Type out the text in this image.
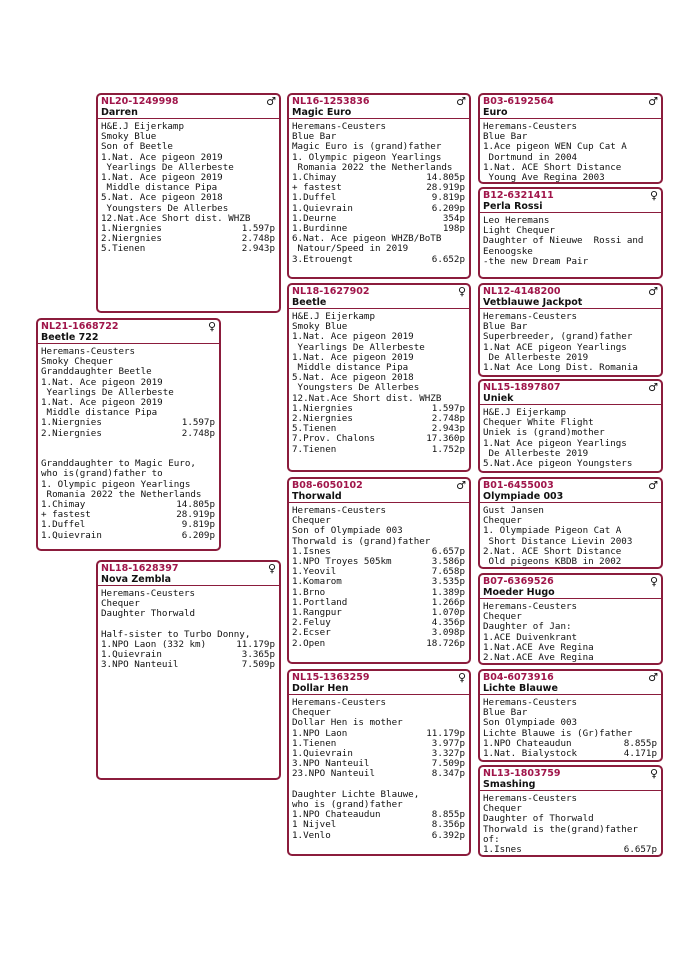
NL20-1249998
Darren
♂
H&E.J Eijerkamp
Smoky Blue
Son of Beetle
1.Nat. Ace pigeon 2019
Yearlings De Allerbeste
1.Nat. Ace pigeon 2019
Middle distance Pipa
5.Nat. Ace pigeon 2018
Youngsters De Allerbes
12.Nat.Ace Short dist. WHZB
1.Niergnies	1.597p
2.Niergnies	2.748p
5.Tienen	2.943p
NL16-1253836
Magic Euro
♂
Heremans-Ceusters
Blue Bar
Magic Euro is (grand)father
1. Olympic pigeon Yearlings
Romania 2022 the Netherlands
1.Chimay	14.805p
+ fastest	28.919p
1.Duffel	9.819p
1.Quievrain	6.209p
1.Deurne	354p
1.Burdinne	198p
6.Nat. Ace pigeon WHZB/BoTB
Natour/Speed in 2019
3.Etrouengt	6.652p
B03-6192564
Euro
♂
Heremans-Ceusters
Blue Bar
1.Ace pigeon WEN Cup Cat A
Dortmund in 2004
1.Nat. ACE Short Distance
Young Ave Regina 2003
B12-6321411
Perla Rossi
♀
Leo Heremans
Light Chequer
Daughter of Nieuwe  Rossi and
Eenoogske
-the new Dream Pair
NL18-1627902
Beetle
♀
H&E.J Eijerkamp
Smoky Blue
1.Nat. Ace pigeon 2019
Yearlings De Allerbeste
1.Nat. Ace pigeon 2019
Middle distance Pipa
5.Nat. Ace pigeon 2018
Youngsters De Allerbes
12.Nat.Ace Short dist. WHZB
1.Niergnies	1.597p
2.Niergnies	2.748p
5.Tienen	2.943p
7.Prov. Chalons	17.360p
7.Tienen	1.752p
NL12-4148200
Vetblauwe Jackpot
♂
Heremans-Ceusters
Blue Bar
Superbreeder, (grand)father
1.Nat ACE pigeon Yearlings
De Allerbeste 2019
1.Nat Ace Long Dist. Romania
NL21-1668722
Beetle 722
♀
Heremans-Ceusters
Smoky Chequer
Granddaughter Beetle
1.Nat. Ace pigeon 2019
Yearlings De Allerbeste
1.Nat. Ace pigeon 2019
Middle distance Pipa
1.Niergnies	1.597p
2.Niergnies	2.748p
Granddaughter to Magic Euro,
who is(grand)father to
1. Olympic pigeon Yearlings
Romania 2022 the Netherlands
1.Chimay	14.805p
+ fastest	28.919p
1.Duffel	9.819p
1.Quievrain	6.209p
NL15-1897807
Uniek
♂
H&E.J Eijerkamp
Chequer White Flight
Uniek is (grand)mother
1.Nat Ace pigeon Yearlings
De Allerbeste 2019
5.Nat.Ace pigeon Youngsters
B08-6050102
Thorwald
♂
Heremans-Ceusters
Chequer
Son of Olympiade 003
Thorwald is (grand)father
1.Isnes	6.657p
1.NPO Troyes 505km	3.586p
1.Yeovil	7.658p
1.Komarom	3.535p
1.Brno	1.389p
1.Portland	1.266p
1.Rangpur	1.070p
2.Feluy	4.356p
2.Ecser	3.098p
2.Open	18.726p
B01-6455003
Olympiade 003
♂
Gust Jansen
Chequer
1. Olympiade Pigeon Cat A
Short Distance Lievin 2003
2.Nat. ACE Short Distance
Old pigeons KBDB in 2002
NL18-1628397
Nova Zembla
♀
Heremans-Ceusters
Chequer
Daughter Thorwald
Half-sister to Turbo Donny,
1.NPO Laon (332 km)	11.179p
1.Quievrain	3.365p
3.NPO Nanteuil	7.509p
B07-6369526
Moeder Hugo
♀
Heremans-Ceusters
Chequer
Daughter of Jan:
1.ACE Duivenkrant
1.Nat.ACE Ave Regina
2.Nat.ACE Ave Regina
NL15-1363259
Dollar Hen
♀
Heremans-Ceusters
Chequer
Dollar Hen is mother
1.NPO Laon	11.179p
1.Tienen	3.977p
1.Quievrain	3.327p
3.NPO Nanteuil	7.509p
23.NPO Nanteuil	8.347p
Daughter Lichte Blauwe,
who is (grand)father
1.NPO Chateaudun	8.855p
1 Nijvel	8.356p
1.Venlo	6.392p
B04-6073916
Lichte Blauwe
♂
Heremans-Ceusters
Blue Bar
Son Olympiade 003
Lichte Blauwe is (Gr)father
1.NPO Chateaudun	8.855p
1.Nat. Bialystock	4.171p
NL13-1803759
Smashing
♀
Heremans-Ceusters
Chequer
Daughter of Thorwald
Thorwald is the(grand)father
of:
1.Isnes	6.657p
